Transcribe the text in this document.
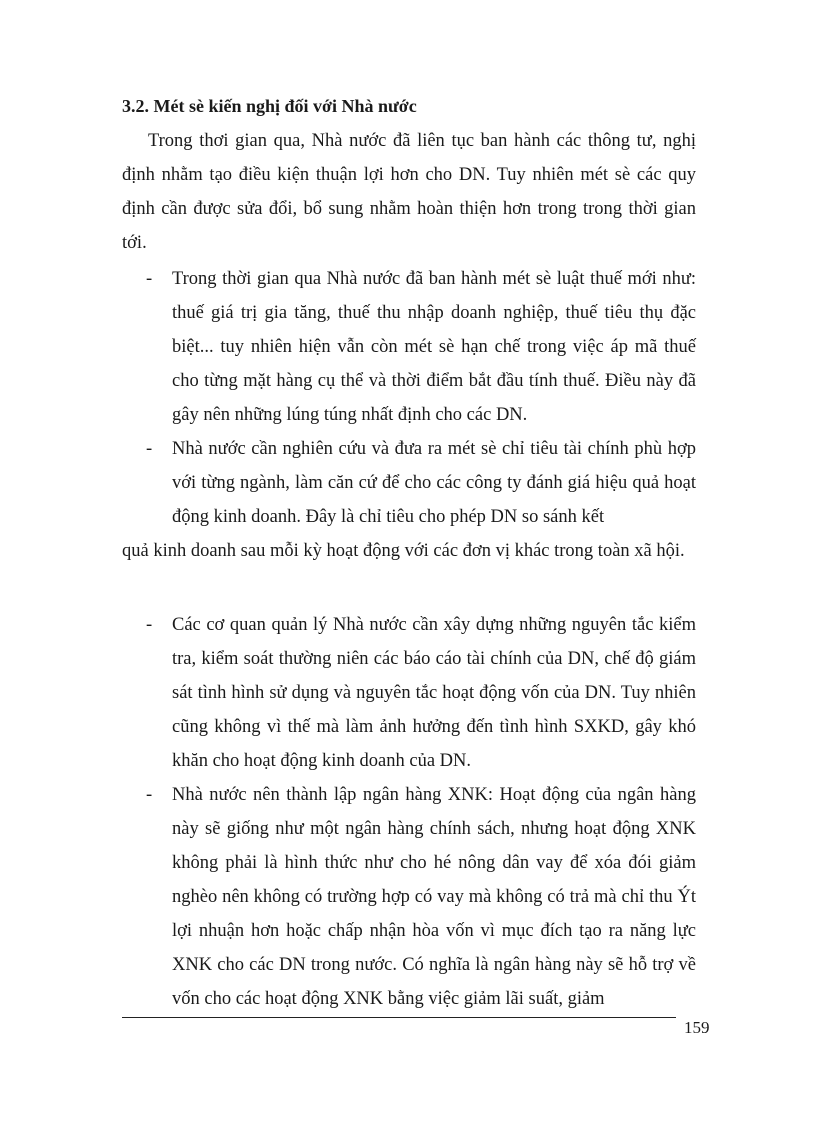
3.2. Mét sè kiến nghị đối với Nhà nước

Trong thơi gian qua, Nhà nước đã liên tục ban hành các thông tư, nghị định nhằm tạo điều kiện thuận lợi hơn cho DN. Tuy nhiên mét sè các quy định cần được sửa đổi, bổ sung nhằm hoàn thiện hơn trong trong thời gian tới.

- Trong thời gian qua Nhà nước đã ban hành mét sè luật thuế mới như: thuế giá trị gia tăng, thuế thu nhập doanh nghiệp, thuế tiêu thụ đặc biệt... tuy nhiên hiện vẫn còn mét sè hạn chế trong việc áp mã thuế cho từng mặt hàng cụ thể và thời điểm bắt đầu tính thuế. Điều này đã gây nên những lúng túng nhất định cho các DN.
- Nhà nước cần nghiên cứu và đưa ra mét sè chỉ tiêu tài chính phù hợp với từng ngành, làm căn cứ để cho các công ty đánh giá hiệu quả hoạt động kinh doanh. Đây là chỉ tiêu cho phép DN so sánh kết

quả kinh doanh sau mỗi kỳ hoạt động với các đơn vị khác trong toàn xã hội.

- Các cơ quan quản lý Nhà nước cần xây dựng những nguyên tắc kiểm tra, kiểm soát thường niên các báo cáo tài chính của DN, chế độ giám sát tình hình sử dụng và nguyên tắc hoạt động vốn của DN. Tuy nhiên cũng không vì thế mà làm ảnh hưởng đến tình hình SXKD, gây khó khăn cho hoạt động kinh doanh của DN.
- Nhà nước nên thành lập ngân hàng XNK: Hoạt động của ngân hàng này sẽ giống như một ngân hàng chính sách, nhưng hoạt động XNK không phải là hình thức như cho hé nông dân vay để xóa đói giảm nghèo nên không có trường hợp có vay mà không có trả mà chỉ thu Ýt lợi nhuận hơn hoặc chấp nhận hòa vốn vì mục đích tạo ra năng lực XNK cho các DN trong nước. Có nghĩa là ngân hàng này sẽ hỗ trợ về vốn cho các hoạt động XNK bằng việc giảm lãi suất, giảm
159
